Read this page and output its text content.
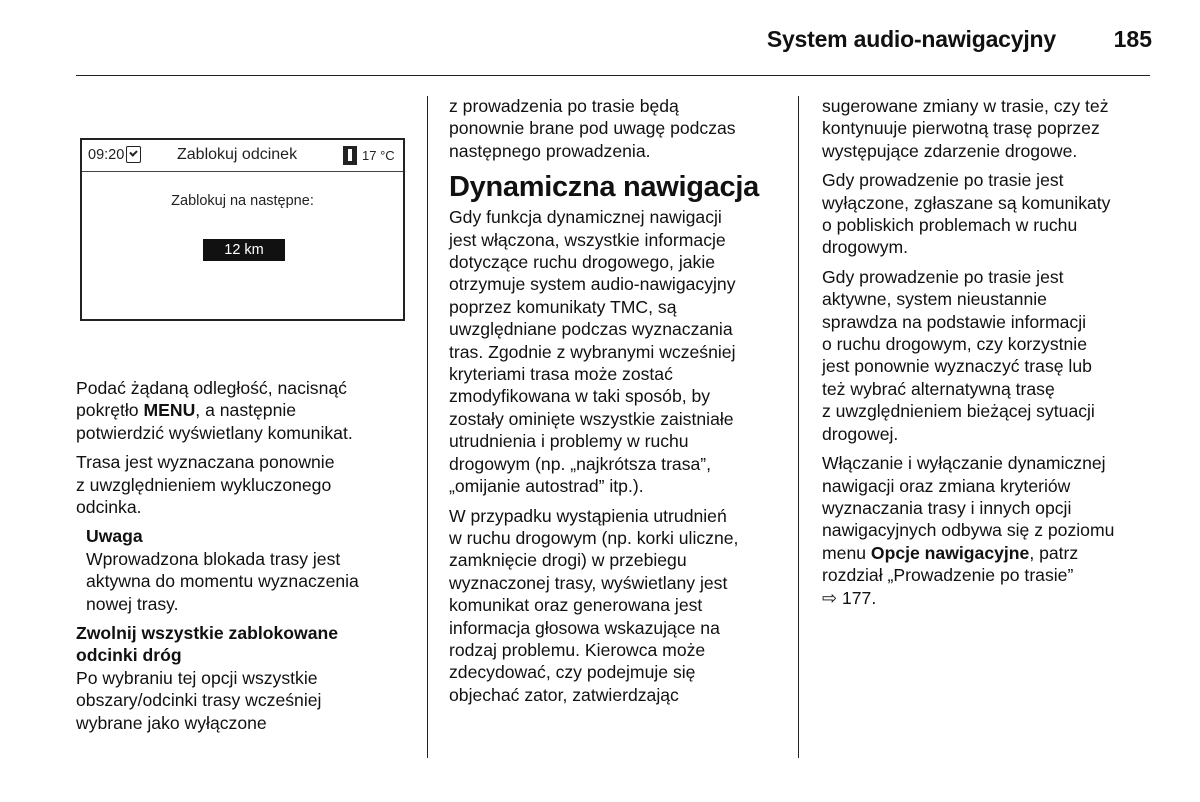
System audio-nawigacyjny	185
09:20	Zablokuj odcinek	17 °C
Zablokuj na następne:
12 km

Podać żądaną odległość, nacisnąć
pokrętło MENU, a następnie
potwierdzić wyświetlany komunikat.

Trasa jest wyznaczana ponownie
z uwzględnieniem wykluczonego
odcinka.

Uwaga
Wprowadzona blokada trasy jest
aktywna do momentu wyznaczenia
nowej trasy.
Zwolnij wszystkie zablokowane
odcinki dróg

Po wybraniu tej opcji wszystkie
obszary/odcinki trasy wcześniej
wybrane jako wyłączone

z prowadzenia po trasie będą
ponownie brane pod uwagę podczas
następnego prowadzenia.

Dynamiczna nawigacja

Gdy funkcja dynamicznej nawigacji
jest włączona, wszystkie informacje
dotyczące ruchu drogowego, jakie
otrzymuje system audio-nawigacyjny
poprzez komunikaty TMC, są
uwzględniane podczas wyznaczania
tras. Zgodnie z wybranymi wcześniej
kryteriami trasa może zostać
zmodyfikowana w taki sposób, by
zostały ominięte wszystkie zaistniałe
utrudnienia i problemy w ruchu
drogowym (np. „najkrótsza trasa”,
„omijanie autostrad” itp.).

W przypadku wystąpienia utrudnień
w ruchu drogowym (np. korki uliczne,
zamknięcie drogi) w przebiegu
wyznaczonej trasy, wyświetlany jest
komunikat oraz generowana jest
informacja głosowa wskazujące na
rodzaj problemu. Kierowca może
zdecydować, czy podejmuje się
objechać zator, zatwierdzając

sugerowane zmiany w trasie, czy też
kontynuuje pierwotną trasę poprzez
występujące zdarzenie drogowe.

Gdy prowadzenie po trasie jest
wyłączone, zgłaszane są komunikaty
o pobliskich problemach w ruchu
drogowym.

Gdy prowadzenie po trasie jest
aktywne, system nieustannie
sprawdza na podstawie informacji
o ruchu drogowym, czy korzystnie
jest ponownie wyznaczyć trasę lub
też wybrać alternatywną trasę
z uwzględnieniem bieżącej sytuacji
drogowej.

Włączanie i wyłączanie dynamicznej
nawigacji oraz zmiana kryteriów
wyznaczania trasy i innych opcji
nawigacyjnych odbywa się z poziomu
menu Opcje nawigacyjne, patrz
rozdział „Prowadzenie po trasie”
⇨ 177.
